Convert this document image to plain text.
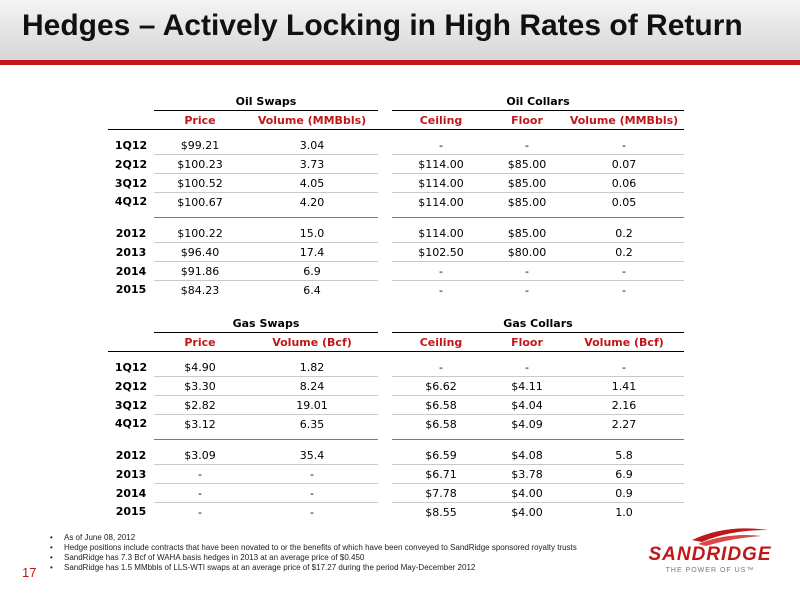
Hedges – Actively Locking in High Rates of Return
	Oil Swaps			Oil Collars		
	Price	Volume (MMBbls)		Ceiling	Floor	Volume (MMBbls)

1Q12	$99.21	3.04		-	-	-
2Q12	$100.23	3.73		$114.00	$85.00	0.07
3Q12	$100.52	4.05		$114.00	$85.00	0.06
4Q12	$100.67	4.20		$114.00	$85.00	0.05

2012	$100.22	15.0		$114.00	$85.00	0.2
2013	$96.40	17.4		$102.50	$80.00	0.2
2014	$91.86	6.9		-	-	-
2015	$84.23	6.4		-	-	-
	Gas Swaps			Gas Collars		
	Price	Volume (Bcf)		Ceiling	Floor	Volume (Bcf)

1Q12	$4.90	1.82		-	-	-
2Q12	$3.30	8.24		$6.62	$4.11	1.41
3Q12	$2.82	19.01		$6.58	$4.04	2.16
4Q12	$3.12	6.35		$6.58	$4.09	2.27

2012	$3.09	35.4		$6.59	$4.08	5.8
2013	-	-		$6.71	$3.78	6.9
2014	-	-		$7.78	$4.00	0.9
2015	-	-		$8.55	$4.00	1.0
•	As of June 08, 2012
•	Hedge positions include contracts that have been novated to or the benefits of which have been conveyed to SandRidge sponsored royalty trusts
•	SandRidge has 7.3 Bcf of WAHA basis hedges in 2013 at an average price of $0.450
•	SandRidge has 1.5 MMbbls of LLS-WTI swaps at an average price of $17.27 during the period May-December 2012
17
SANDRIDGE
THE POWER OF US™
